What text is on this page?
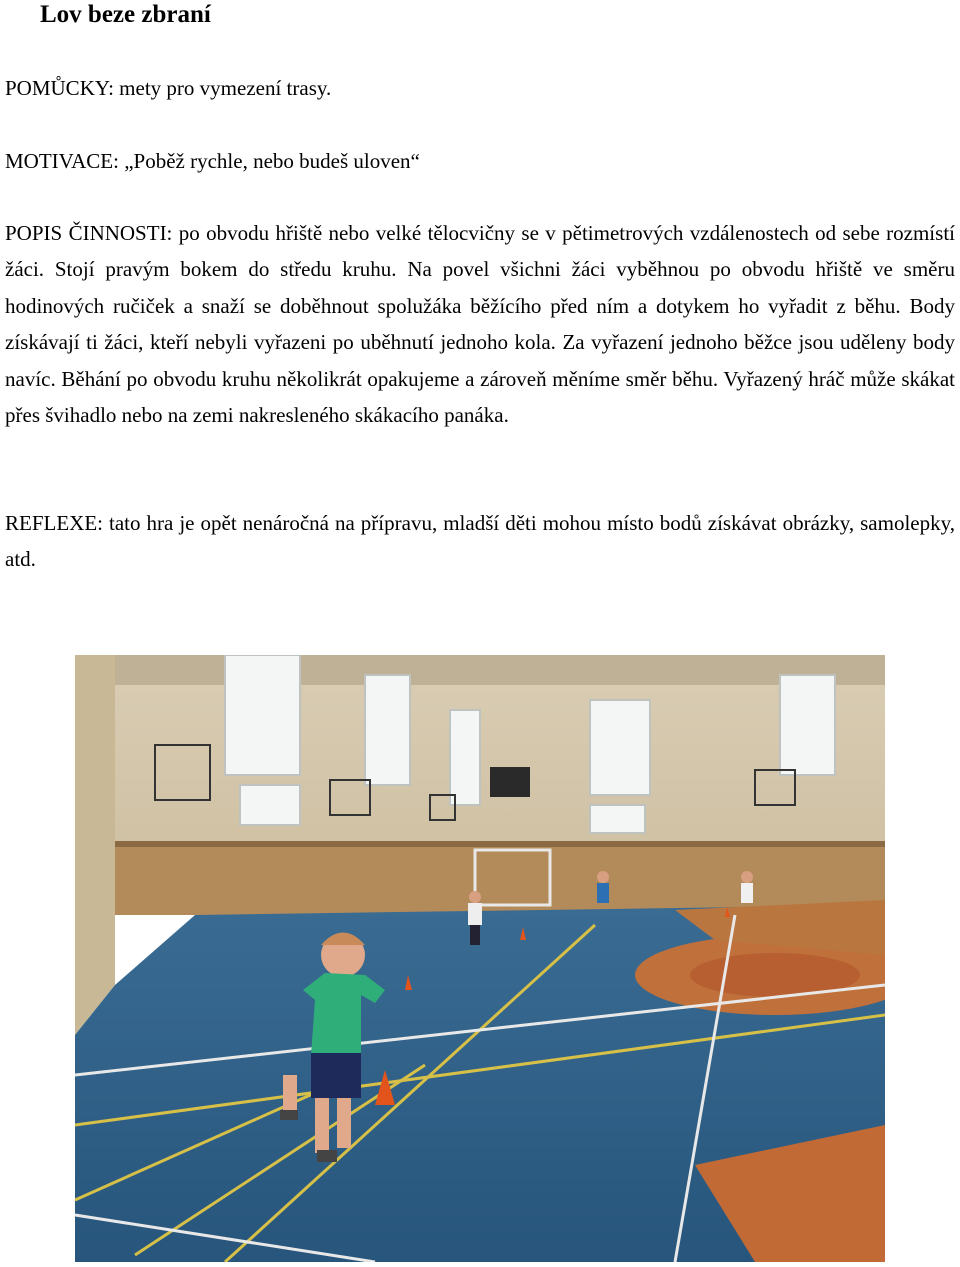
Lov beze zbraní

POMŮCKY: mety pro vymezení trasy.

MOTIVACE: „Poběž rychle, nebo budeš uloven“

POPIS ČINNOSTI: po obvodu hřiště nebo velké tělocvičny se v pětimetrových vzdálenostech od sebe rozmístí žáci. Stojí pravým bokem do středu kruhu. Na povel všichni žáci vyběhnou po obvodu hřiště ve směru hodinových ručiček a snaží se doběhnout spolužáka běžícího před ním a dotykem ho vyřadit z běhu. Body získávají ti žáci, kteří nebyli vyřazeni po uběhnutí jednoho kola. Za vyřazení jednoho běžce jsou uděleny body navíc. Běhání po obvodu kruhu několikrát opakujeme a zároveň měníme směr běhu. Vyřazený hráč může skákat přes švihadlo nebo na zemi nakresleného skákacího panáka.

REFLEXE: tato hra je opět nenáročná na přípravu, mladší děti mohou místo bodů získávat obrázky, samolepky, atd.
